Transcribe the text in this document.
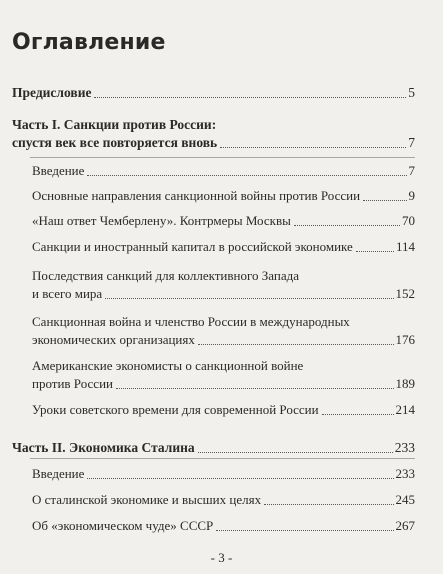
Оглавление
Предисловие	5
Часть I. Санкции против России:
спустя век все повторяется вновь	7
Введение	7
Основные направления санкционной войны против России	9
«Наш ответ Чемберлену». Контрмеры Москвы	70
Санкции и иностранный капитал в российской экономике	114
Последствия санкций для коллективного Запада
и всего мира	152
Санкционная война и членство России в международных
экономических организациях	176
Американские экономисты о санкционной войне
против России	189
Уроки советского времени для современной России	214
Часть II. Экономика Сталина	233
Введение	233
О сталинской экономике и высших целях	245
Об «экономическом чуде» СССР	267
- 3 -
